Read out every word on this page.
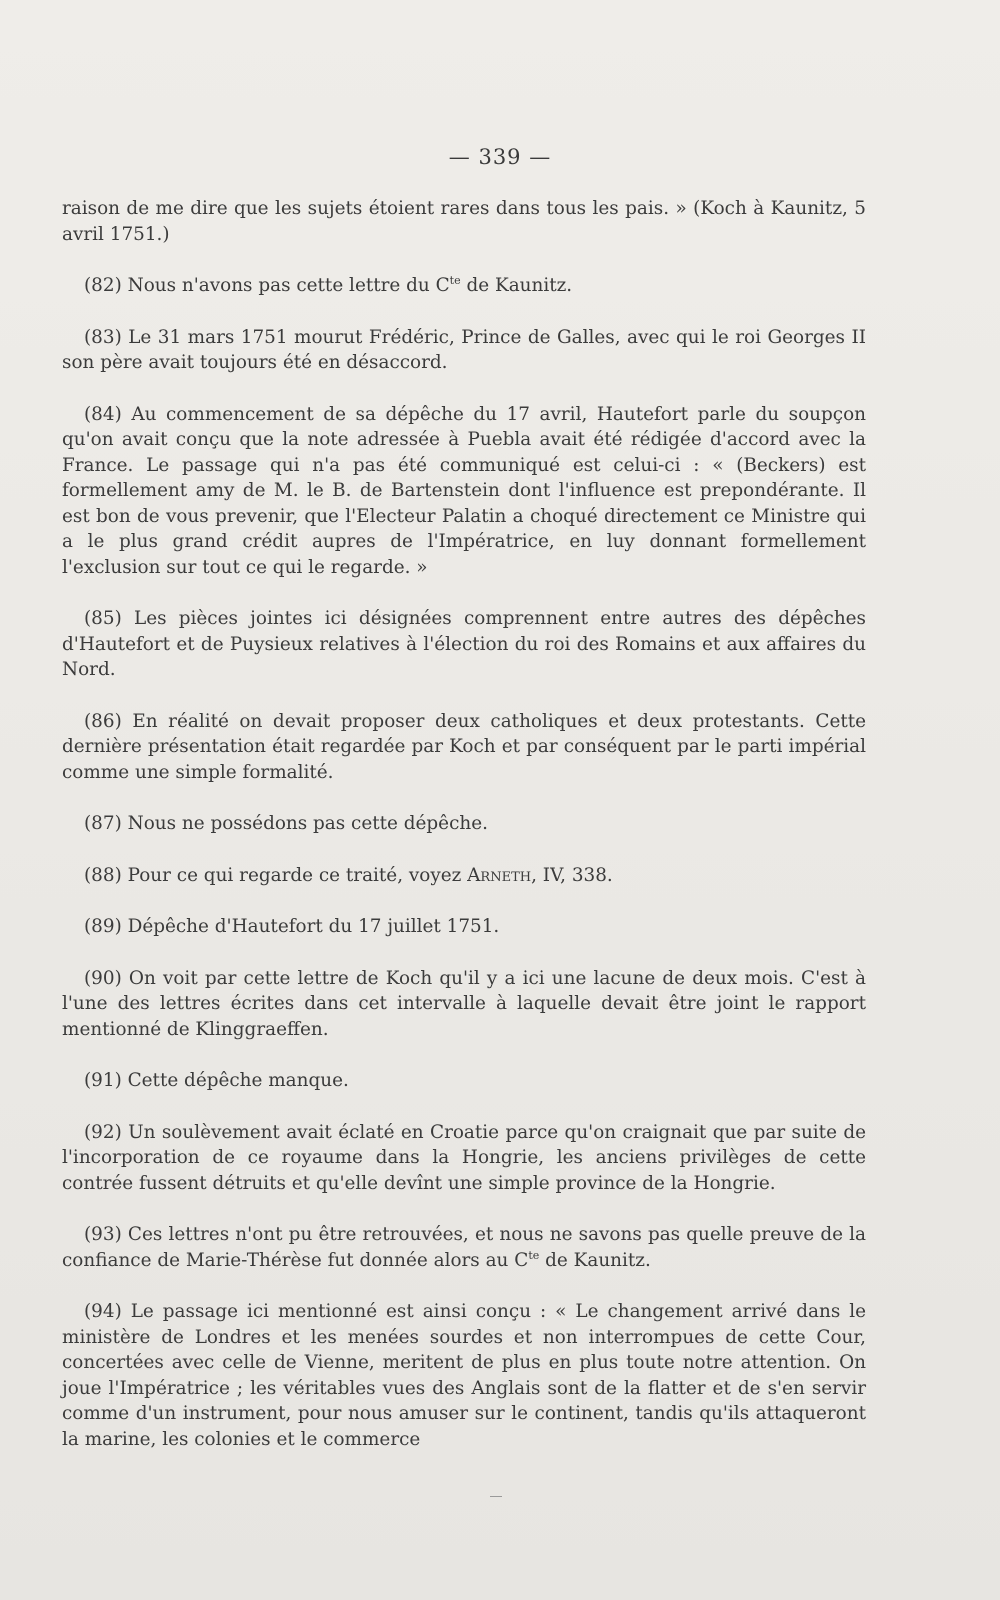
— 339 —

raison de me dire que les sujets étoient rares dans tous les pais. » (Koch à Kaunitz, 5 avril 1751.)

(82) Nous n'avons pas cette lettre du $C^{te}$ de Kaunitz.

(83) Le 31 mars 1751 mourut Frédéric, Prince de Galles, avec qui le roi Georges II son père avait toujours été en désaccord.

(84) Au commencement de sa dépêche du 17 avril, Hautefort parle du soupçon qu'on avait conçu que la note adressée à Puebla avait été rédigée d'accord avec la France. Le passage qui n'a pas été communiqué est celui-ci : « (Beckers) est formellement amy de M. le B. de Bartenstein dont l'influence est prepondérante. Il est bon de vous prevenir, que l'Electeur Palatin a choqué directement ce Ministre qui a le plus grand crédit aupres de l'Impératrice, en luy donnant formellement l'exclusion sur tout ce qui le regarde. »

(85) Les pièces jointes ici désignées comprennent entre autres des dépêches d'Hautefort et de Puysieux relatives à l'élection du roi des Romains et aux affaires du Nord.

(86) En réalité on devait proposer deux catholiques et deux protestants. Cette dernière présentation était regardée par Koch et par conséquent par le parti impérial comme une simple formalité.

(87) Nous ne possédons pas cette dépêche.

(88) Pour ce qui regarde ce traité, voyez Arneth, IV, 338.

(89) Dépêche d'Hautefort du 17 juillet 1751.

(90) On voit par cette lettre de Koch qu'il y a ici une lacune de deux mois. C'est à l'une des lettres écrites dans cet intervalle à laquelle devait être joint le rapport mentionné de Klinggraeffen.

(91) Cette dépêche manque.

(92) Un soulèvement avait éclaté en Croatie parce qu'on craignait que par suite de l'incorporation de ce royaume dans la Hongrie, les anciens privilèges de cette contrée fussent détruits et qu'elle devînt une simple province de la Hongrie.

(93) Ces lettres n'ont pu être retrouvées, et nous ne savons pas quelle preuve de la confiance de Marie-Thérèse fut donnée alors au $C^{te}$ de Kaunitz.

(94) Le passage ici mentionné est ainsi conçu : « Le changement arrivé dans le ministère de Londres et les menées sourdes et non interrompues de cette Cour, concertées avec celle de Vienne, meritent de plus en plus toute notre attention. On joue l'Impératrice ; les véritables vues des Anglais sont de la flatter et de s'en servir comme d'un instrument, pour nous amuser sur le continent, tandis qu'ils attaqueront la marine, les colonies et le commerce
